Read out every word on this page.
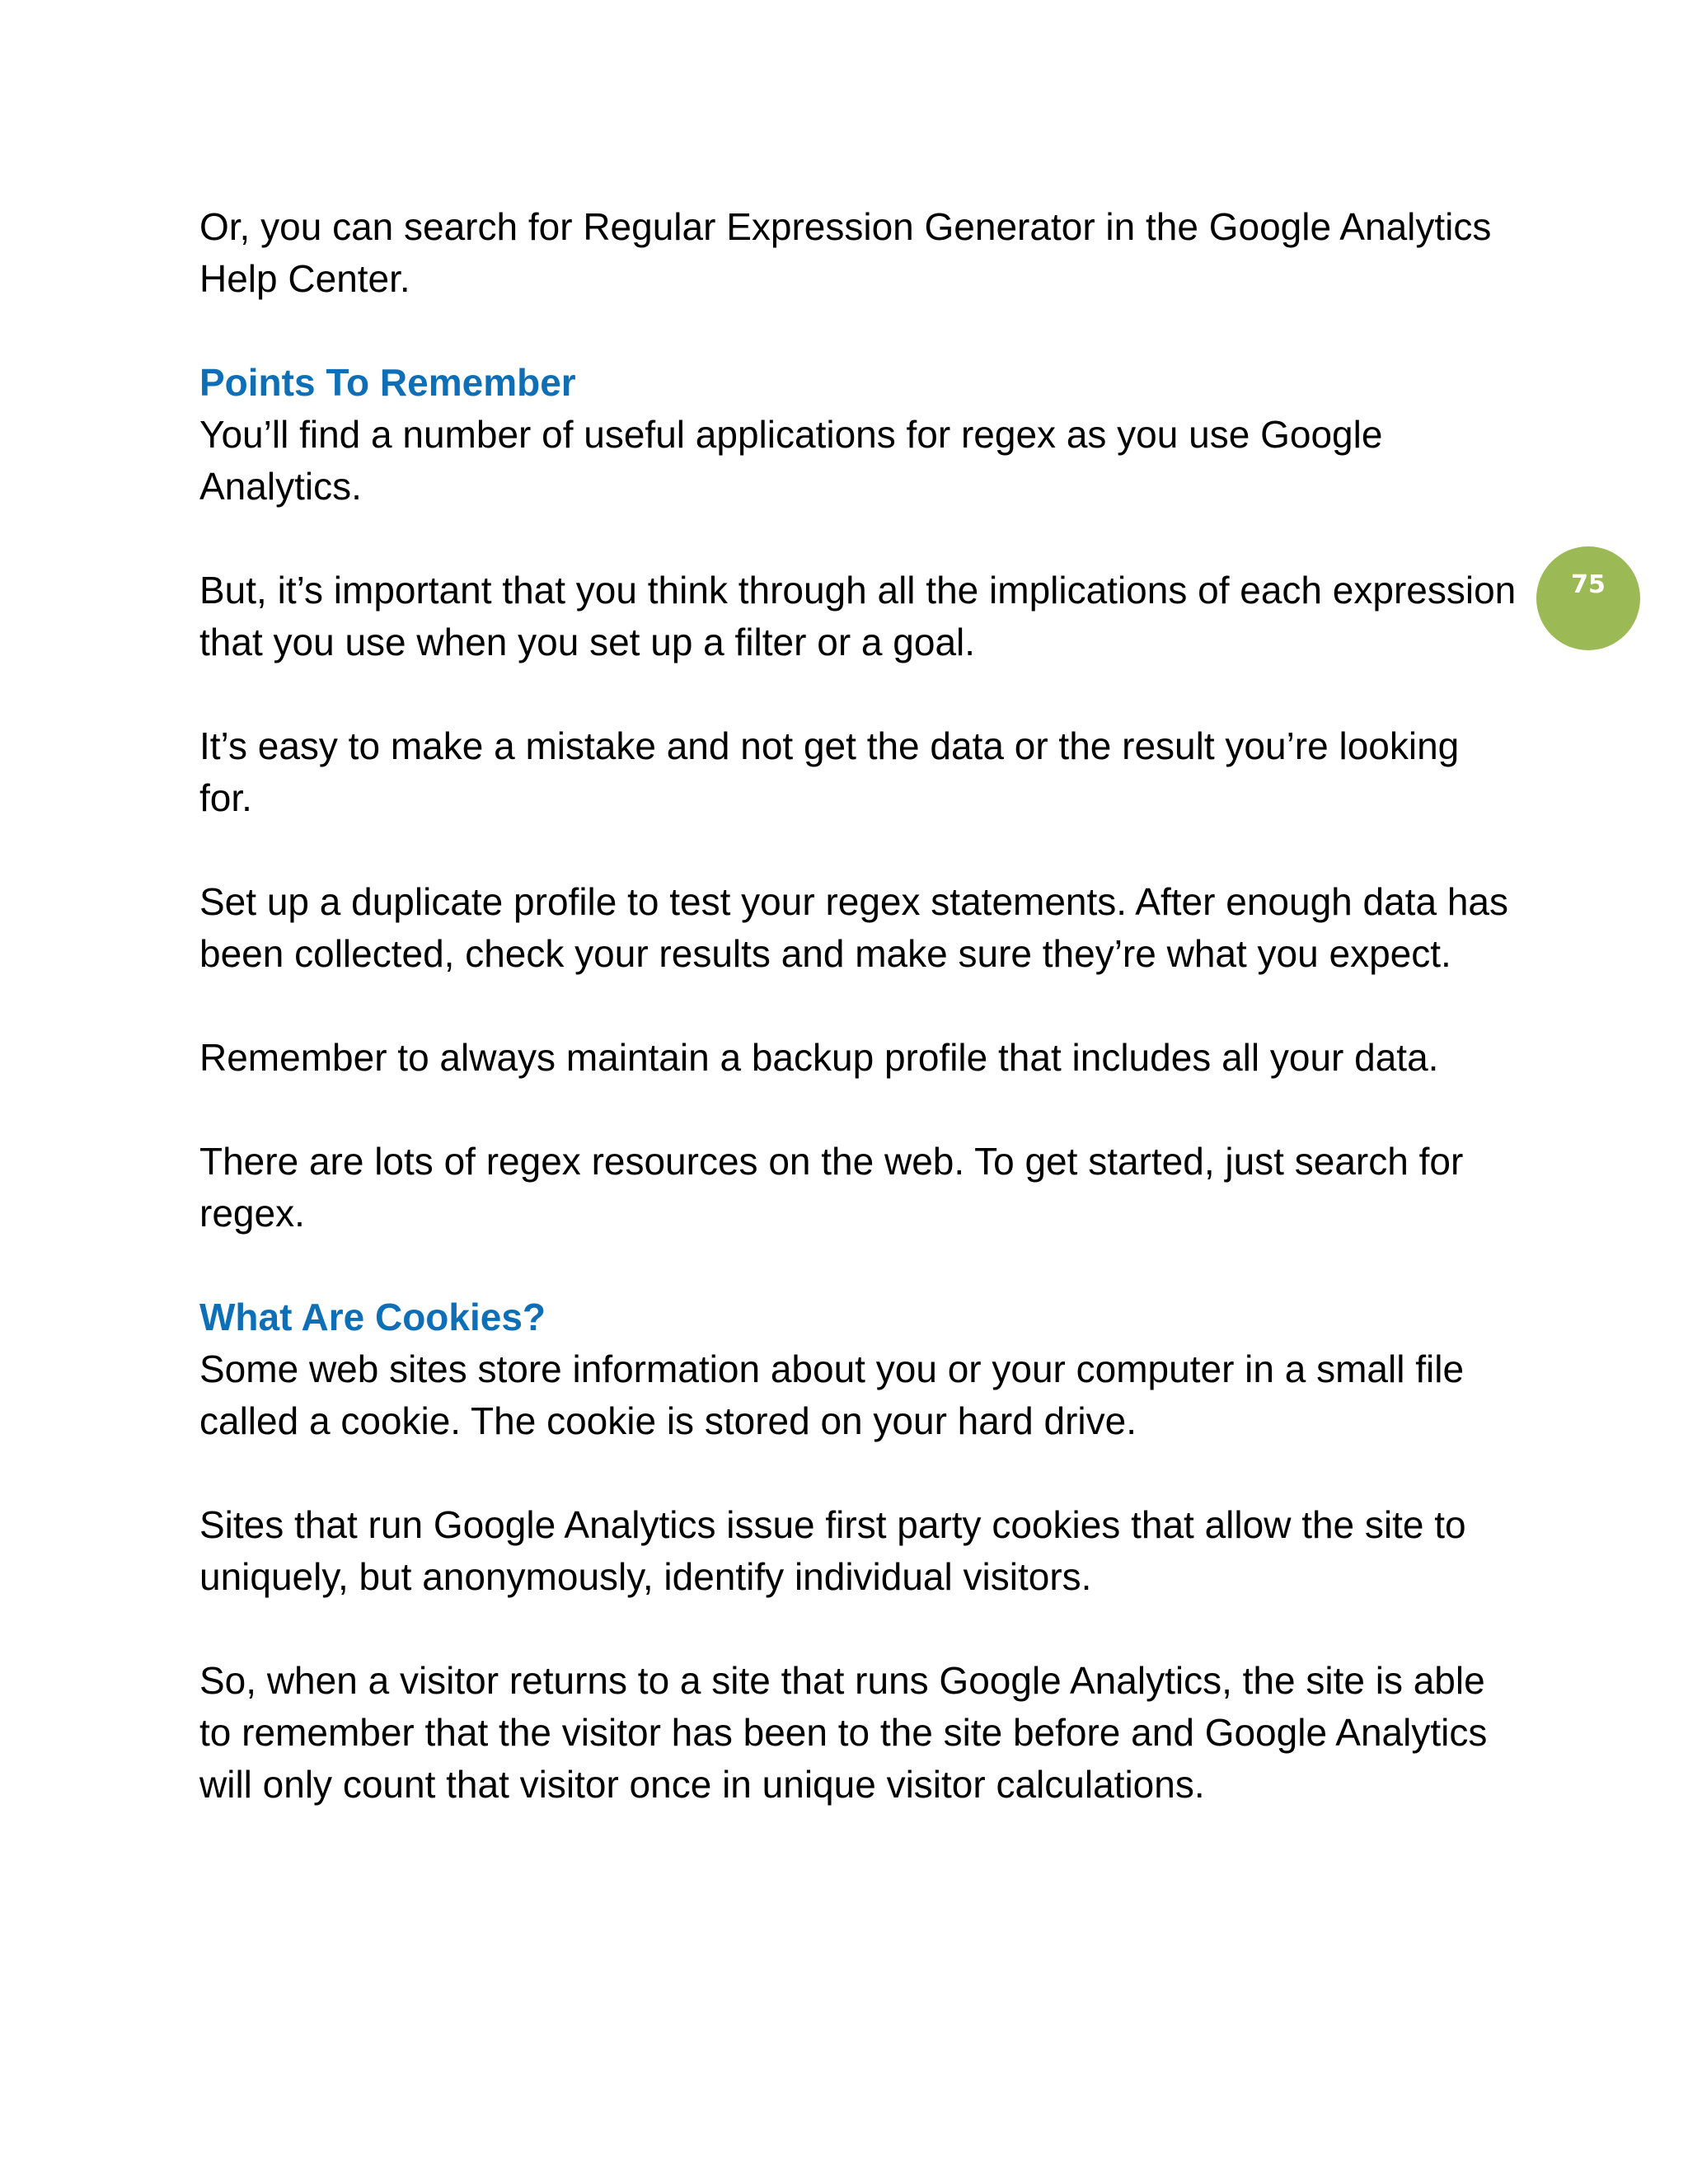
Or, you can search for Regular Expression Generator in the Google Analytics Help Center.

Points To Remember

You’ll find a number of useful applications for regex as you use Google Analytics.

But, it’s important that you think through all the implications of each expression that you use when you set up a filter or a goal.

It’s easy to make a mistake and not get the data or the result you’re looking for.

Set up a duplicate profile to test your regex statements. After enough data has been collected, check your results and make sure they’re what you expect.

Remember to always maintain a backup profile that includes all your data.

There are lots of regex resources on the web. To get started, just search for regex.

What Are Cookies?

Some web sites store information about you or your computer in a small file called a cookie. The cookie is stored on your hard drive.

Sites that run Google Analytics issue first party cookies that allow the site to uniquely, but anonymously, identify individual visitors.

So, when a visitor returns to a site that runs Google Analytics, the site is able to remember that the visitor has been to the site before and Google Analytics will only count that visitor once in unique visitor calculations.

75
